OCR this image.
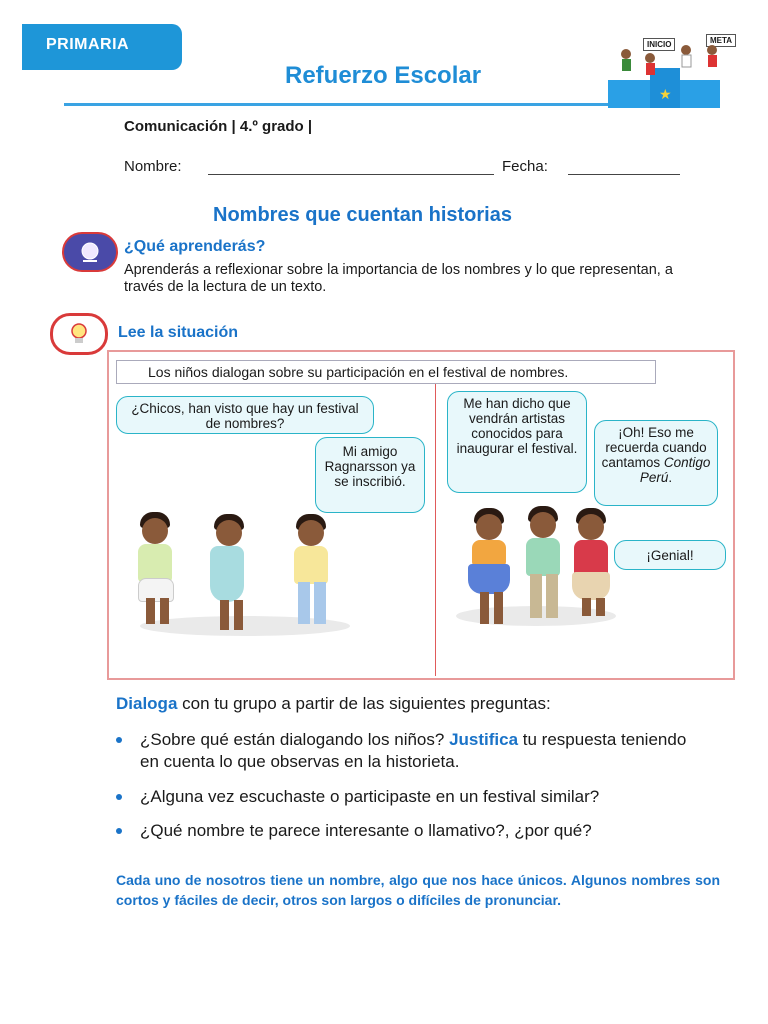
PRIMARIA
Refuerzo Escolar
★
INICIO	META
Comunicación | 4.º grado |
Nombre:	Fecha:
Nombres que cuentan historias
¿Qué aprenderás?
Aprenderás a reflexionar sobre la importancia de los nombres y lo que representan, a través de la lectura de un texto.
Lee la situación
Los niños dialogan sobre su participación en el festival de nombres.
¿Chicos, han visto que hay un festival de nombres?
Mi amigo Ragnarsson ya se inscribió.
Me han dicho que vendrán artistas conocidos para inaugurar el festival.
¡Oh! Eso me recuerda cuando cantamos Contigo Perú.
¡Genial!
Dialoga con tu grupo a partir de las siguientes preguntas:
¿Sobre qué están dialogando los niños? Justifica tu respuesta teniendo en cuenta lo que observas en la historieta.
¿Alguna vez escuchaste o participaste en un festival similar?
¿Qué nombre te parece interesante o llamativo?, ¿por qué?
Cada uno de nosotros tiene un nombre, algo que nos hace únicos. Algunos nombres son cortos y fáciles de decir, otros son largos o difíciles de pronunciar.
